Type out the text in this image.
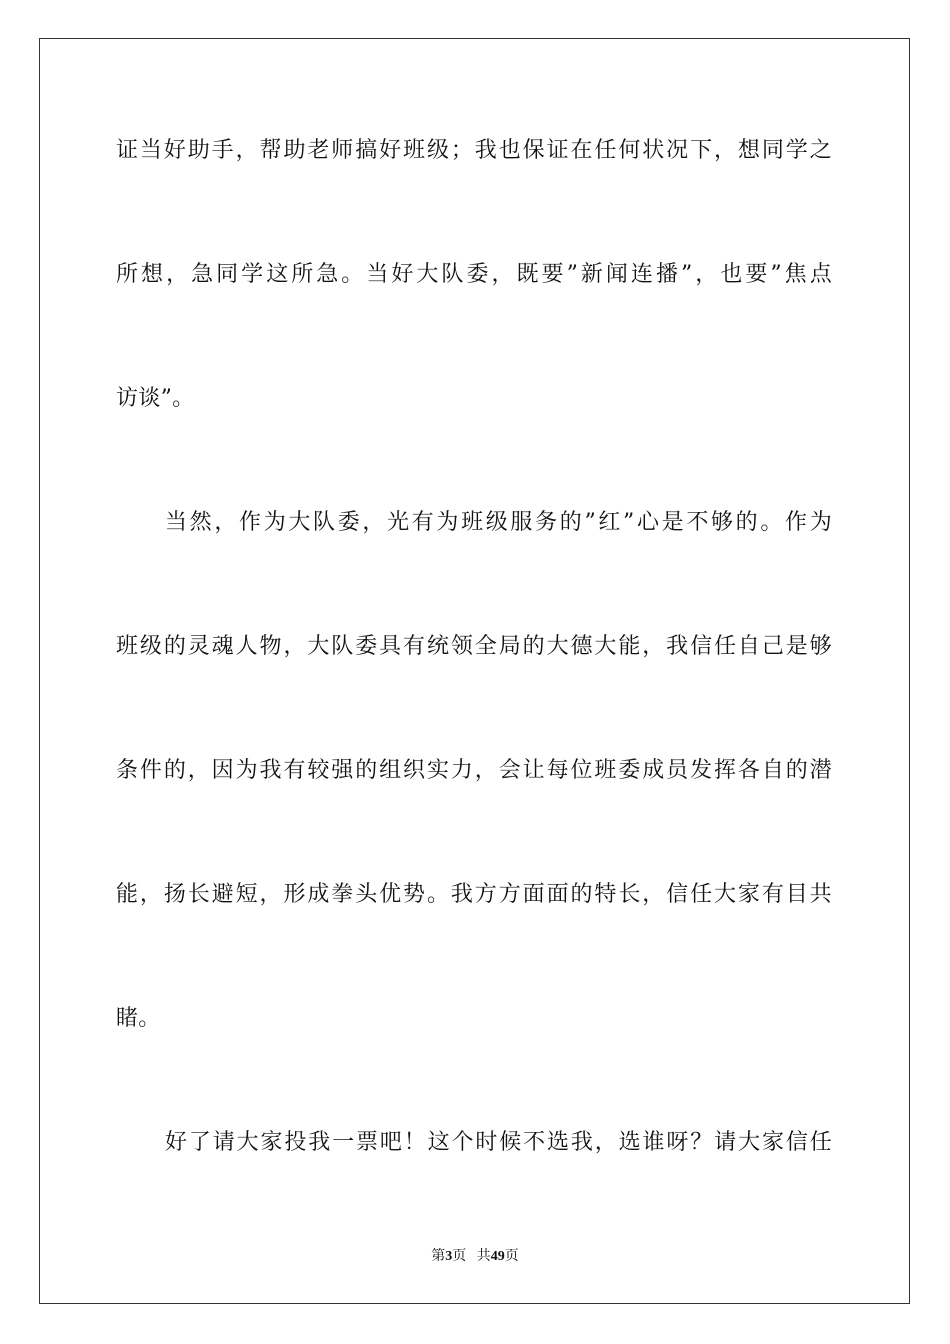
证当好助手，帮助老师搞好班级；我也保证在任何状况下，想同学之
所想，急同学这所急。当好大队委，既要”新闻连播”，也要”焦点
访谈”。
当然，作为大队委，光有为班级服务的”红”心是不够的。作为
班级的灵魂人物，大队委具有统领全局的大德大能，我信任自己是够
条件的，因为我有较强的组织实力，会让每位班委成员发挥各自的潜
能，扬长避短，形成拳头优势。我方方面面的特长，信任大家有目共
睹。
好了请大家投我一票吧！这个时候不选我，选谁呀？请大家信任
第3页 共49页
